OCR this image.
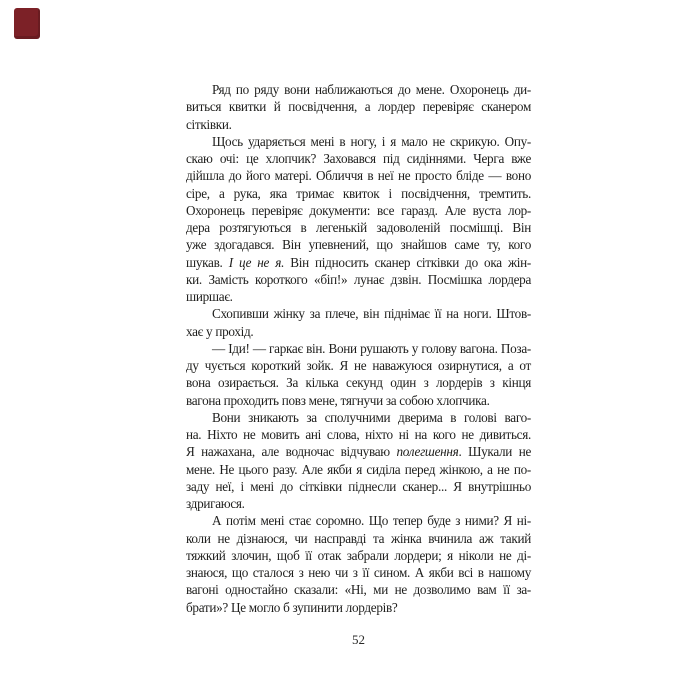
Ряд по ряду вони наближаються до мене. Охоронець ди-
виться квитки й посвідчення, а лордер перевіряє сканером
сітківки.
Щось ударяється мені в ногу, і я мало не скрикую. Опу-
скаю очі: це хлопчик? Заховався під сидіннями. Черга вже
дійшла до його матері. Обличчя в неї не просто бліде — воно
сіре, а рука, яка тримає квиток і посвідчення, тремтить.
Охоронець перевіряє документи: все гаразд. Але вуста лор-
дера розтягуються в легенькій задоволеній посмішці. Він
уже здогадався. Він упевнений, що знайшов саме ту, кого
шукав. І це не я. Він підносить сканер сітківки до ока жін-
ки. Замість короткого «біп!» лунає дзвін. Посмішка лордера
ширшає.
Схопивши жінку за плече, він піднімає її на ноги. Штов-
хає у прохід.
— Іди! — гаркає він. Вони рушають у голову вагона. Поза-
ду чується короткий зойк. Я не наважуюся озирнутися, а от
вона озирається. За кілька секунд один з лордерів з кінця
вагона проходить повз мене, тягнучи за собою хлопчика.
Вони зникають за сполучними дверима в голові ваго-
на. Ніхто не мовить ані слова, ніхто ні на кого не дивиться.
Я нажахана, але водночас відчуваю полегшення. Шукали не
мене. Не цього разу. Але якби я сиділа перед жінкою, а не по-
заду неї, і мені до сітківки піднесли сканер... Я внутрішньо
здригаюся.
А потім мені стає соромно. Що тепер буде з ними? Я ні-
коли не дізнаюся, чи насправді та жінка вчинила аж такий
тяжкий злочин, щоб її отак забрали лордери; я ніколи не ді-
знаюся, що сталося з нею чи з її сином. А якби всі в нашому
вагоні одностайно сказали: «Ні, ми не дозволимо вам її за-
брати»? Це могло б зупинити лордерів?
52
